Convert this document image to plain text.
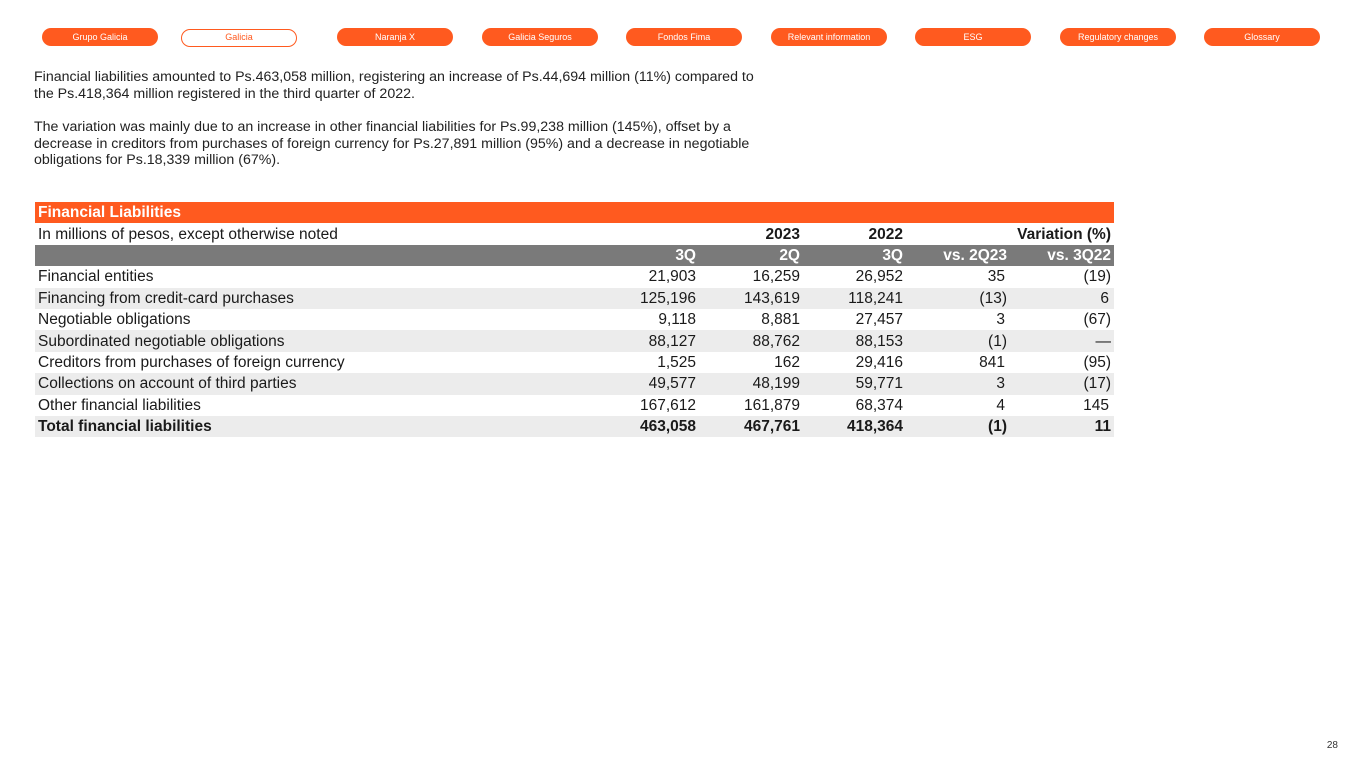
Grupo Galicia	Galicia	Naranja X	Galicia Seguros	Fondos Fima	Relevant information	ESG	Regulatory changes	Glossary
Financial liabilities amounted to Ps.463,058 million, registering an increase of Ps.44,694 million (11%) compared to the Ps.418,364 million registered in the third quarter of 2022.
The variation was mainly due to an increase in other financial liabilities for Ps.99,238 million (145%), offset by a decrease in creditors from purchases of foreign currency for Ps.27,891 million (95%) and a decrease in negotiable obligations for Ps.18,339 million (67%).
Financial Liabilities					
In millions of pesos, except otherwise noted		2023	2022	Variation (%)	
	3Q	2Q	3Q	vs. 2Q23	vs. 3Q22
Financial entities	21,903	16,259	26,952	35	(19)
Financing from credit-card purchases	125,196	143,619	118,241	(13)	6
Negotiable obligations	9,118	8,881	27,457	3	(67)
Subordinated negotiable obligations	88,127	88,762	88,153	(1)	—
Creditors from purchases of foreign currency	1,525	162	29,416	841	(95)
Collections on account of third parties	49,577	48,199	59,771	3	(17)
Other financial liabilities	167,612	161,879	68,374	4	145
Total financial liabilities	463,058	467,761	418,364	(1)	11
28
